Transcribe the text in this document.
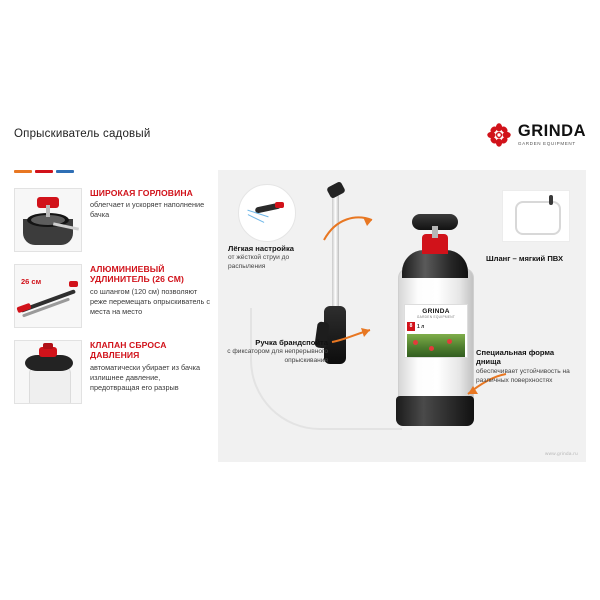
Опрыскиватель садовый	GRINDA
GARDEN EQUIPMENT
ШИРОКАЯ ГОРЛОВИНА

облегчает и ускоряет наполнение бачка

26 см
АЛЮМИНИЕВЫЙ УДЛИНИТЕЛЬ (26 СМ)

со шлангом (120 см) позволяют реже перемещать опрыскиватель с места на место

КЛАПАН СБРОСА ДАВЛЕНИЯ

автоматически убирает из бачка излишнее давление, предотвращая его разрыв

GRINDA
GARDEN EQUIPMENT
8 1 л
Лёгкая настройка

от жёсткой струи до распыления

Ручка брандспойта

с фиксатором для непрерывного опрыскивания

Шланг – мягкий ПВХ

Специальная форма днища

обеспечивает устойчивость на различных поверхностях

www.grinda.ru
